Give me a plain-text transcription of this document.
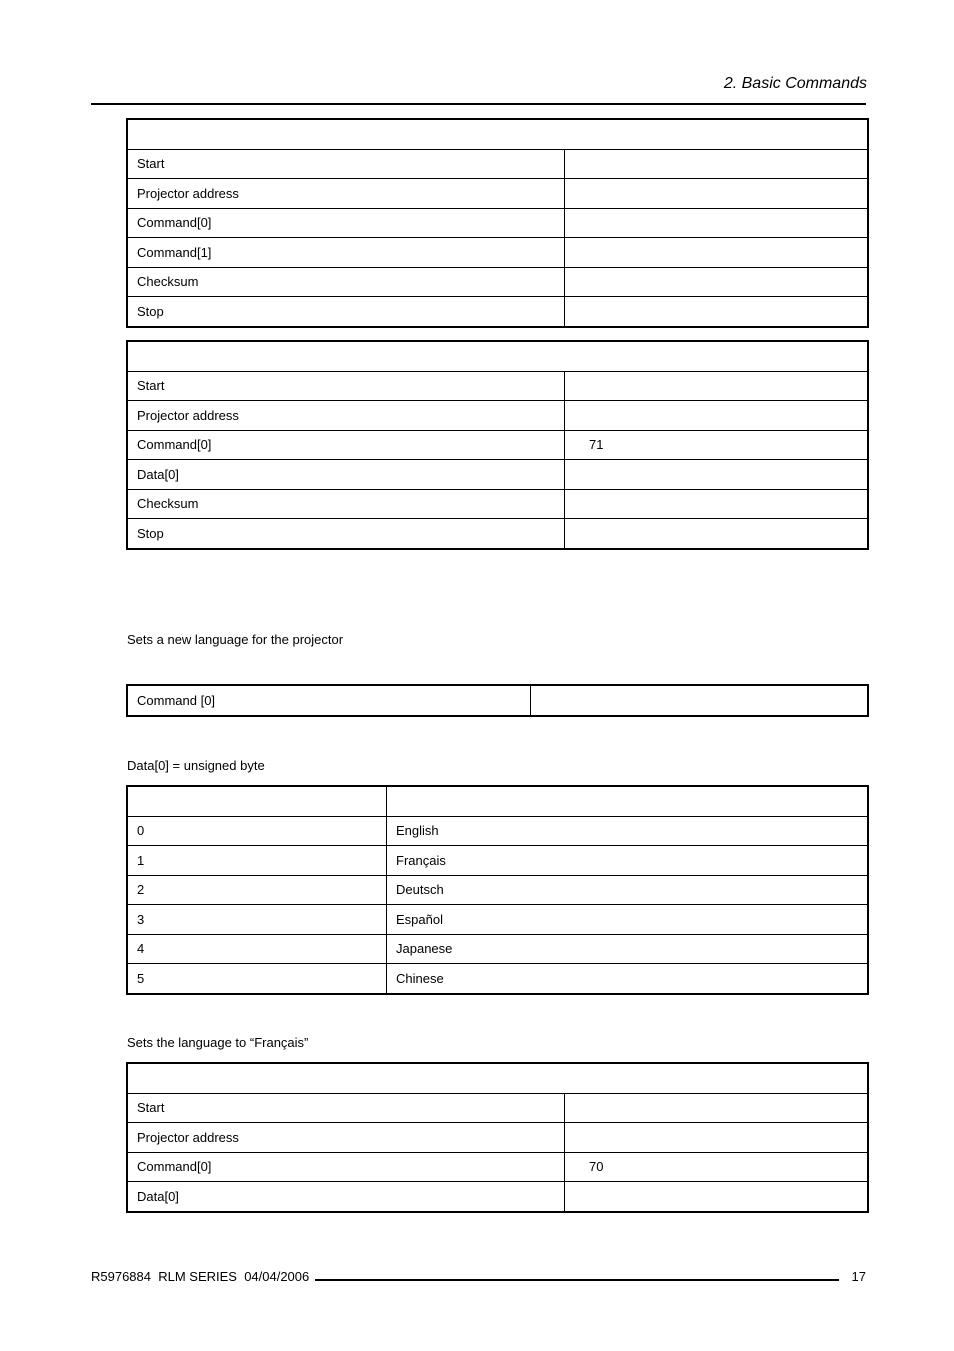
2. Basic Commands

Start	
Projector address	
Command[0]	
Command[1]	
Checksum	
Stop	

Start	
Projector address	
Command[0]	71
Data[0]	
Checksum	
Stop	
Sets a new language for the projector
Command [0]	
Data[0] = unsigned byte

0	English
1	Français
2	Deutsch
3	Español
4	Japanese
5	Chinese
Sets the language to “Français”

Start	
Projector address	
Command[0]	70
Data[0]	
R5976884  RLM SERIES  04/04/2006	17
